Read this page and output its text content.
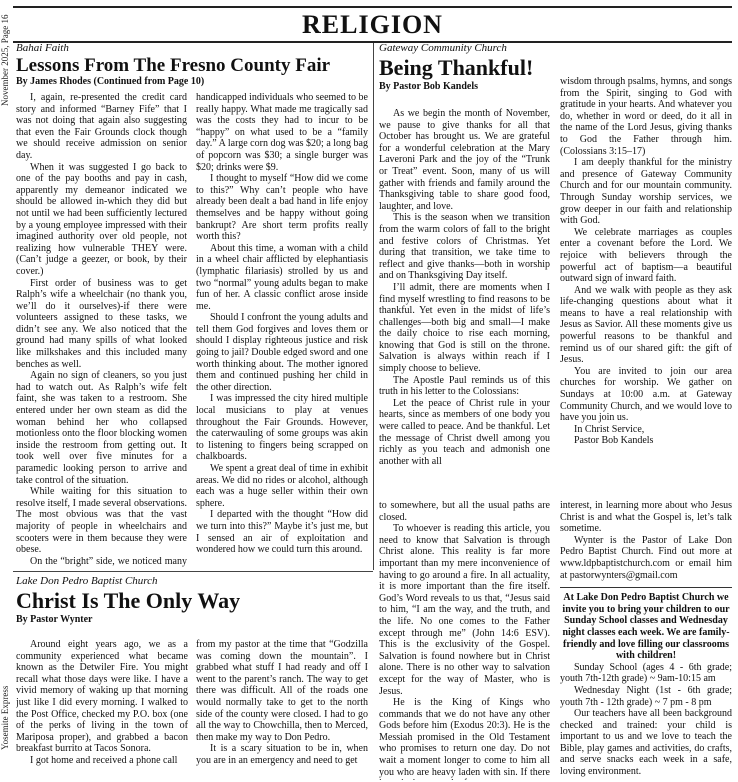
November 2025, Page 16
Yosemite Express
RELIGION

Bahai Faith

Lessons From The Fresno County Fair

By James Rhodes (Continued from Page 10)

I, again, re-presented the credit card story and informed “Barney Fife” that I was not doing that again also suggesting that even the Fair Grounds clock though we should receive admission on senior day.

When it was suggested I go back to one of the pay booths and pay in cash, apparently my demeanor indicated we should be allowed in-which they did but not until we had been sufficiently lectured by a young employee impressed with their imagined authority over old people, not realizing how vulnerable THEY were. (Can’t judge a geezer, or book, by their cover.)

First order of business was to get Ralph’s wife a wheelchair (no thank you, we’ll do it ourselves)-if there were volunteers assigned to these tasks, we didn’t see any. We also noticed that the ground had many spills of what looked like milkshakes and this included many benches as well.

Again no sign of cleaners, so you just had to watch out. As Ralph’s wife felt faint, she was taken to a restroom. She entered under her own steam as did the woman behind her who collapsed motionless onto the floor blocking women inside the restroom from getting out. It took well over five minutes for a paramedic looking person to arrive and take control of the situation.

While waiting for this situation to resolve itself, I made several observations. The most obvious was that the vast majority of people in wheelchairs and scooters were in them because they were obese.

On the “bright” side, we noticed many

handicapped individuals who seemed to be really happy. What made me tragically sad was the costs they had to incur to be “happy” on what used to be a “family day.” A large corn dog was $20; a long bag of popcorn was $30; a single burger was $20; drinks were $9.

I thought to myself “How did we come to this?” Why can’t people who have already been dealt a bad hand in life enjoy themselves and be happy without going bankrupt? Are short term profits really worth this?

About this time, a woman with a child in a wheel chair afflicted by elephantiasis (lymphatic filariasis) strolled by us and two “normal” young adults began to make fun of her. A classic conflict arose inside me.

Should I confront the young adults and tell them God forgives and loves them or should I display righteous justice and risk going to jail? Double edged sword and one worth thinking about. The mother ignored them and continued pushing her child in the other direction.

I was impressed the city hired multiple local musicians to play at venues throughout the Fair Grounds. However, the caterwauling of some groups was akin to listening to fingers being scrapped on chalkboards.

We spent a great deal of time in exhibit areas. We did no rides or alcohol, although each was a huge seller within their own sphere.

I departed with the thought “How did we turn into this?” Maybe it’s just me, but I sensed an air of exploitation and wondered how we could turn this around.

Gateway Community Church

Being Thankful!

By Pastor Bob Kandels

As we begin the month of November, we pause to give thanks for all that October has brought us. We are grateful for a wonderful celebration at the Mary Laveroni Park and the joy of the “Trunk or Treat” event. Soon, many of us will gather with friends and family around the Thanksgiving table to share good food, laughter, and love.

This is the season when we transition from the warm colors of fall to the bright and festive colors of Christmas. Yet during that transition, we take time to reflect and give thanks—both in worship and on Thanksgiving Day itself.

I’ll admit, there are moments when I find myself wrestling to find reasons to be thankful. Yet even in the midst of life’s challenges—both big and small—I make the daily choice to rise each morning, knowing that God is still on the throne. Salvation is always within reach if I simply choose to believe.

The Apostle Paul reminds us of this truth in his letter to the Colossians:

Let the peace of Christ rule in your hearts, since as members of one body you were called to peace. And be thankful. Let the message of Christ dwell among you richly as you teach and admonish one another with all

wisdom through psalms, hymns, and songs from the Spirit, singing to God with gratitude in your hearts. And whatever you do, whether in word or deed, do it all in the name of the Lord Jesus, giving thanks to God the Father through him. (Colossians 3:15–17)

I am deeply thankful for the ministry and presence of Gateway Community Church and for our mountain community. Through Sunday worship services, we grow deeper in our faith and relationship with God.

We celebrate marriages as couples enter a covenant before the Lord. We rejoice with believers through the powerful act of baptism—a beautiful outward sign of inward faith.

And we walk with people as they ask life-changing questions about what it means to have a real relationship with Jesus as Savior. All these moments give us powerful reasons to be thankful and remind us of our shared gift: the gift of Jesus.

You are invited to join our area churches for worship. We gather on Sundays at 10:00 a.m. at Gateway Community Church, and we would love to have you join us.

In Christ Service,

Pastor Bob Kandels

Lake Don Pedro Baptist Church

Christ Is The Only Way

By Pastor Wynter

Around eight years ago, we as a community experienced what became known as the Detwiler Fire. You might recall what those days were like. I have a vivid memory of waking up that morning just like I did every morning. I walked to the Post Office, checked my P.O. box (one of the perks of living in the town of Mariposa proper), and grabbed a bacon breakfast burrito at Tacos Sonora.

I got home and received a phone call

from my pastor at the time that “Godzilla was coming down the mountain”. I grabbed what stuff I had ready and off I went to the parent’s ranch. The way to get there was difficult. All of the roads one would normally take to get to the north side of the county were closed. I had to go all the way to Chowchilla, then to Merced, then make my way to Don Pedro.

It is a scary situation to be in, when you are in an emergency and need to get

to somewhere, but all the usual paths are closed.

To whoever is reading this article, you need to know that Salvation is through Christ alone. This reality is far more important than my mere inconvenience of having to go around a fire. In all actuality, it is more important than the fire itself. God’s Word reveals to us that, “Jesus said to him, “I am the way, and the truth, and the life. No one comes to the Father except through me” (John 14:6 ESV). This is the exclusivity of the Gospel. Salvation is found nowhere but in Christ alone. There is no other way to salvation except for the way of Master, who is Jesus.

He is the King of Kings who commands that we do not have any other Gods before him (Exodus 20:3). He is the Messiah promised in the Old Testament who promises to return one day. Do not wait a moment longer to come to him all you who are heavy laden with sin. If there

interest, in learning more about who Jesus Christ is and what the Gospel is, let’s talk sometime.

Wynter is the Pastor of Lake Don Pedro Baptist Church. Find out more at www.ldpbaptistchurch.com or email him at pastorwynters@gmail.com

At Lake Don Pedro Baptist Church we invite you to bring your children to our Sunday School classes and Wednesday night classes each week. We are family-friendly and love filling our classrooms with children!

Sunday School (ages 4 - 6th grade; youth 7th-12th grade) ~ 9am-10:15 am

Wednesday Night (1st - 6th grade; youth 7th - 12th grade) ~ 7 pm - 8 pm

Our teachers have all been background checked and trained: your child is important to us and we love to teach the Bible, play games and activities, do crafts, and serve snacks each week in a safe, loving environment.
